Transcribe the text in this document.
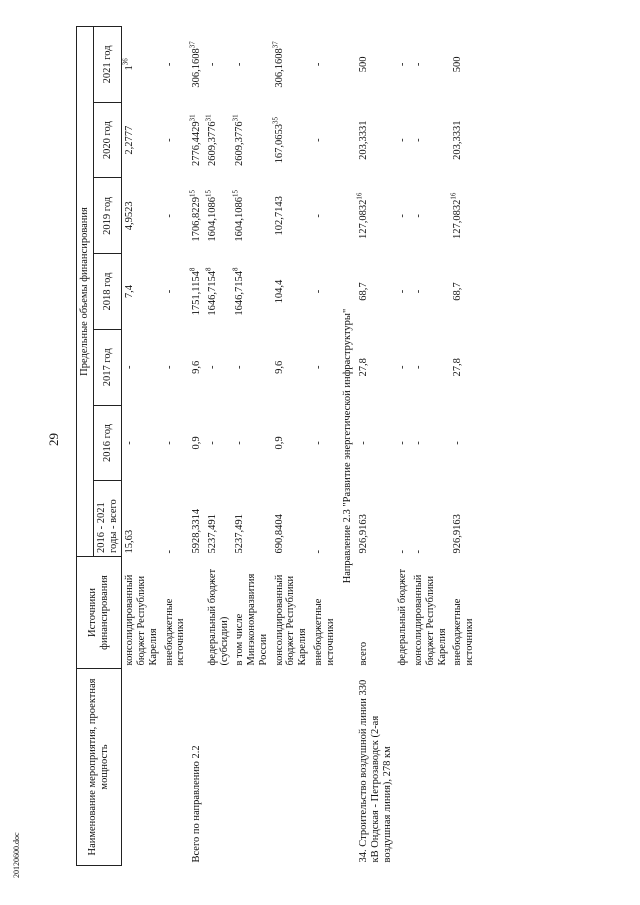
29
20120600.doc	Наименование мероприятия, проектная мощность	Источники финансирования	Предельные объемы финансирования						
		2016 - 2021 годы - всего	2016 год	2017 год	2018 год	2019 год	2020 год	2021 год
	консолидированный бюджет Республики Карелия	15,63	-	-	7,4	4,9523	2,2777	$1^{36}$
	внебюджетные источники	-	-	-	-	-	-	-
Всего по направлению 2.2		5928,3314	0,9	9,6	1751,1154$^8$	1706,8229$^{15}$	2776,4429$^{31}$	306,1608$^{37}$
	федеральный бюджет (субсидии)	5237,491	-	-	1646,7154$^8$	1604,1086$^{15}$	2609,3776$^{31}$	-
	в том числе Минэкономразвития России	5237,491	-	-	1646,7154$^8$	1604,1086$^{15}$	2609,3776$^{31}$	-
	консолидированный бюджет Республики Карелия	690,8404	0,9	9,6	104,4	102,7143	167,0653$^{35}$	306,1608$^{37}$
	внебюджетные источники	-	-	-	-	-	-	-
Направление 2.3 "Развитие энергетической инфраструктуры"								
34. Строительство воздушной линии 330 кВ Ондская - Петрозаводск (2-ая воздушная линия), 278 км	всего	926,9163	-	27,8	68,7	127,0832$^{16}$	203,3331	500
	федеральный бюджет	-	-	-	-	-	-	-
	консолидированный бюджет Республики Карелия	-	-	-	-	-	-	-
	внебюджетные источники	926,9163	-	27,8	68,7	127,0832$^{16}$	203,3331	500
